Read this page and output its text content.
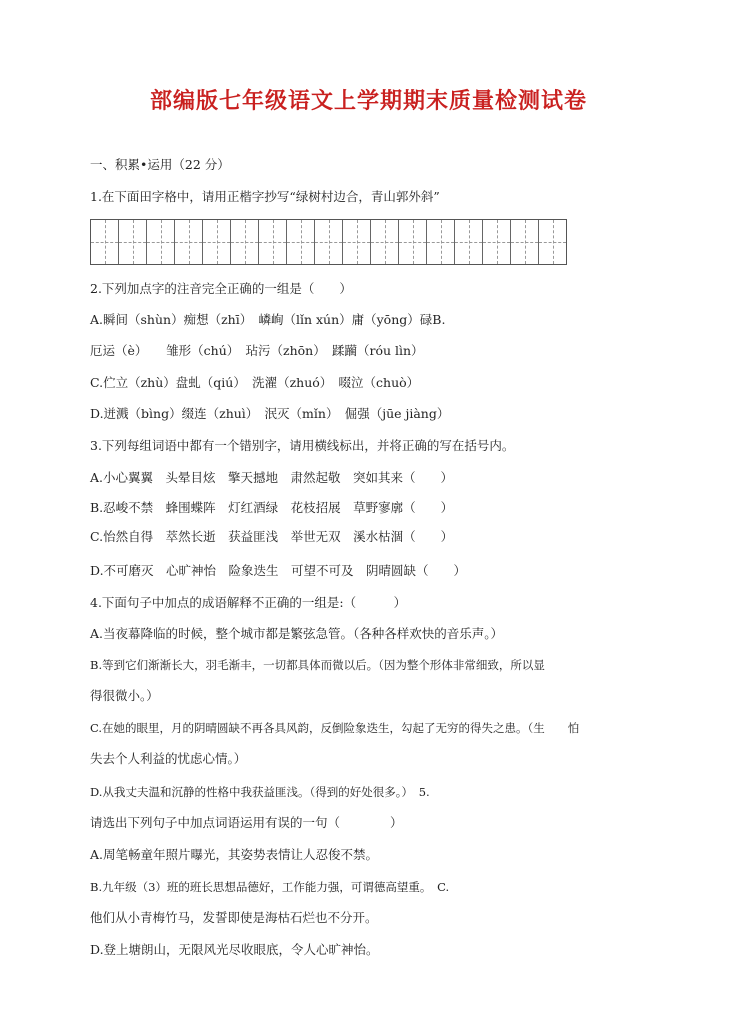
部编版七年级语文上学期期末质量检测试卷
一、积累•运用（22 分）
1.在下面田字格中，请用正楷字抄写“绿树村边合，青山郭外斜”
2.下列加点字的注音完全正确的一组是（　　）
A.瞬间（shùn）痴想（zhī）　嶙峋（lǐn xún）庸（yōng）碌B.
厄运（è）　　雏形（chú）　玷污（zhōn）　蹂躏（róu lìn）
C.伫立（zhù）盘虬（qiú）　洗濯（zhuó）　啜泣（chuò）
D.迸溅（bìng）缀连（zhuì）　泯灭（mǐn）　倔强（jūe jiàng）
3.下列每组词语中都有一个错别字，请用横线标出，并将正确的写在括号内。
A.小心翼翼　头晕目炫　擎天撼地　肃然起敬　突如其来（　　）
B.忍峻不禁　蜂围蝶阵　灯红酒绿　花枝招展　草野寥廓（　　）
C.怡然自得　萃然长逝　获益匪浅　举世无双　溪水枯涸（　　）
D.不可磨灭　心旷神怡　险象迭生　可望不可及　阴晴圆缺（　　）
4.下面句子中加点的成语解释不正确的一组是:（　　　）
A.当夜幕降临的时候，整个城市都是繁弦急管。（各种各样欢快的音乐声。）
B.等到它们渐渐长大，羽毛渐丰，一切都具体而微以后。（因为整个形体非常细致，所以显
得很微小。）
C.在她的眼里，月的阴晴圆缺不再各具风韵，反倒险象迭生，勾起了无穷的得失之患。（生　　怕
失去个人利益的忧虑心情。）
D.从我丈夫温和沉静的性格中我获益匪浅。（得到的好处很多。）　5.
请选出下列句子中加点词语运用有误的一句（　　　　）
A.周笔畅童年照片曝光，其姿势表情让人忍俊不禁。
B.九年级（3）班的班长思想品德好，工作能力强，可谓德高望重。　C.
他们从小青梅竹马，发誓即使是海枯石烂也不分开。
D.登上塘朗山，无限风光尽收眼底，令人心旷神怡。
